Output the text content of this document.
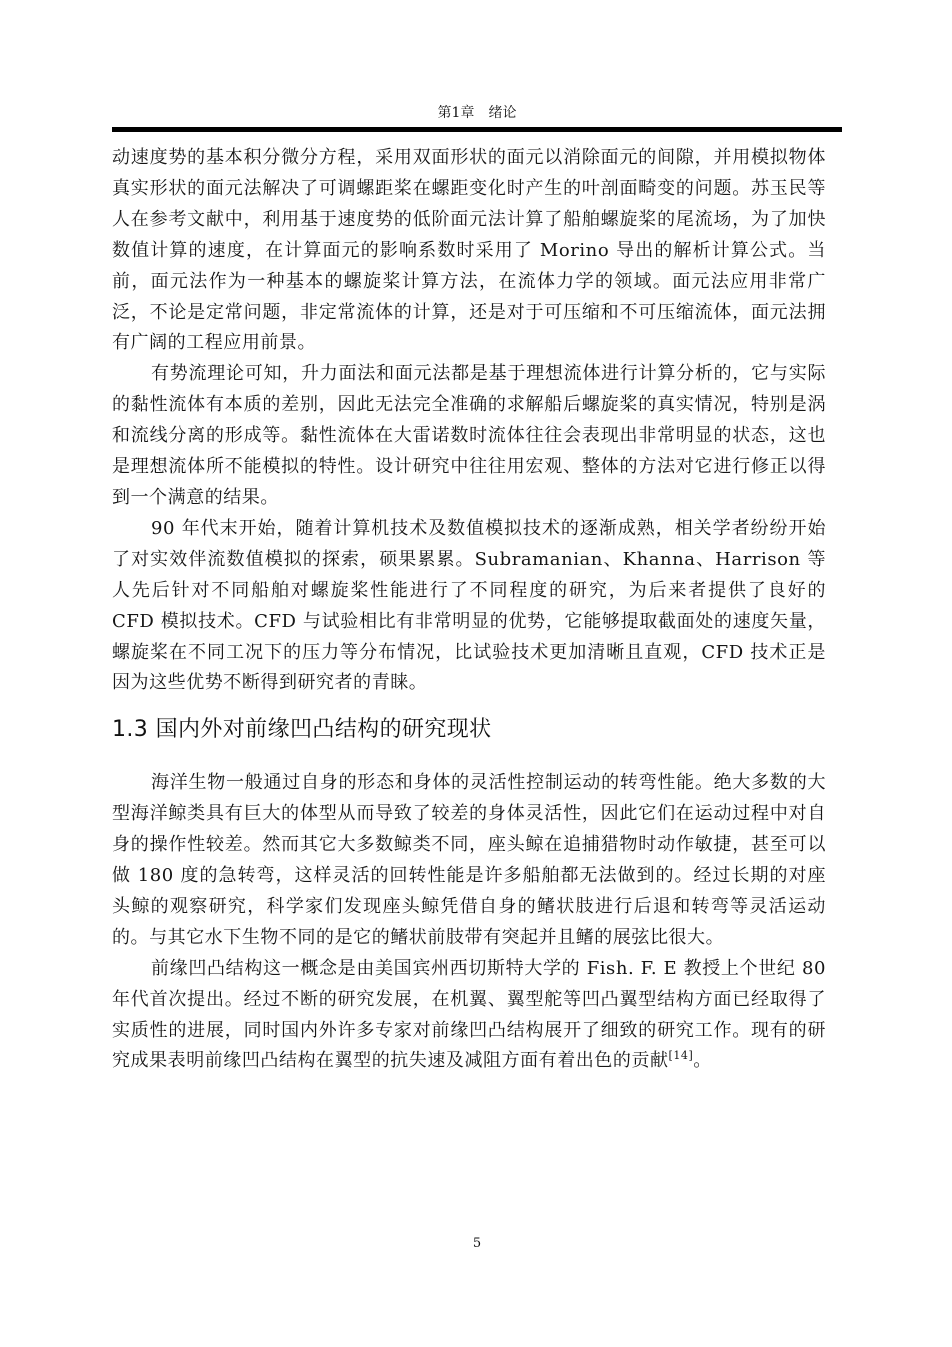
第1章　绪论

动速度势的基本积分微分方程，采用双面形状的面元以消除面元的间隙，并用模拟物体真实形状的面元法解决了可调螺距桨在螺距变化时产生的叶剖面畸变的问题。苏玉民等人在参考文献中，利用基于速度势的低阶面元法计算了船舶螺旋桨的尾流场，为了加快数值计算的速度，在计算面元的影响系数时采用了 Morino 导出的解析计算公式。当前，面元法作为一种基本的螺旋桨计算方法，在流体力学的领域。面元法应用非常广泛，不论是定常问题，非定常流体的计算，还是对于可压缩和不可压缩流体，面元法拥有广阔的工程应用前景。

有势流理论可知，升力面法和面元法都是基于理想流体进行计算分析的，它与实际的黏性流体有本质的差别，因此无法完全准确的求解船后螺旋桨的真实情况，特别是涡和流线分离的形成等。黏性流体在大雷诺数时流体往往会表现出非常明显的状态，这也是理想流体所不能模拟的特性。设计研究中往往用宏观、整体的方法对它进行修正以得到一个满意的结果。

90 年代末开始，随着计算机技术及数值模拟技术的逐渐成熟，相关学者纷纷开始了对实效伴流数值模拟的探索，硕果累累。Subramanian、Khanna、Harrison 等人先后针对不同船舶对螺旋桨性能进行了不同程度的研究，为后来者提供了良好的 CFD 模拟技术。CFD 与试验相比有非常明显的优势，它能够提取截面处的速度矢量，螺旋桨在不同工况下的压力等分布情况，比试验技术更加清晰且直观，CFD 技术正是因为这些优势不断得到研究者的青睐。

1.3 国内外对前缘凹凸结构的研究现状

海洋生物一般通过自身的形态和身体的灵活性控制运动的转弯性能。绝大多数的大型海洋鲸类具有巨大的体型从而导致了较差的身体灵活性，因此它们在运动过程中对自身的操作性较差。然而其它大多数鲸类不同，座头鲸在追捕猎物时动作敏捷，甚至可以做 180 度的急转弯，这样灵活的回转性能是许多船舶都无法做到的。经过长期的对座头鲸的观察研究，科学家们发现座头鲸凭借自身的鳍状肢进行后退和转弯等灵活运动的。与其它水下生物不同的是它的鳍状前肢带有突起并且鳍的展弦比很大。

前缘凹凸结构这一概念是由美国宾州西切斯特大学的 Fish. F. E 教授上个世纪 80 年代首次提出。经过不断的研究发展，在机翼、翼型舵等凹凸翼型结构方面已经取得了实质性的进展，同时国内外许多专家对前缘凹凸结构展开了细致的研究工作。现有的研究成果表明前缘凹凸结构在翼型的抗失速及减阻方面有着出色的贡献[14]。

5
